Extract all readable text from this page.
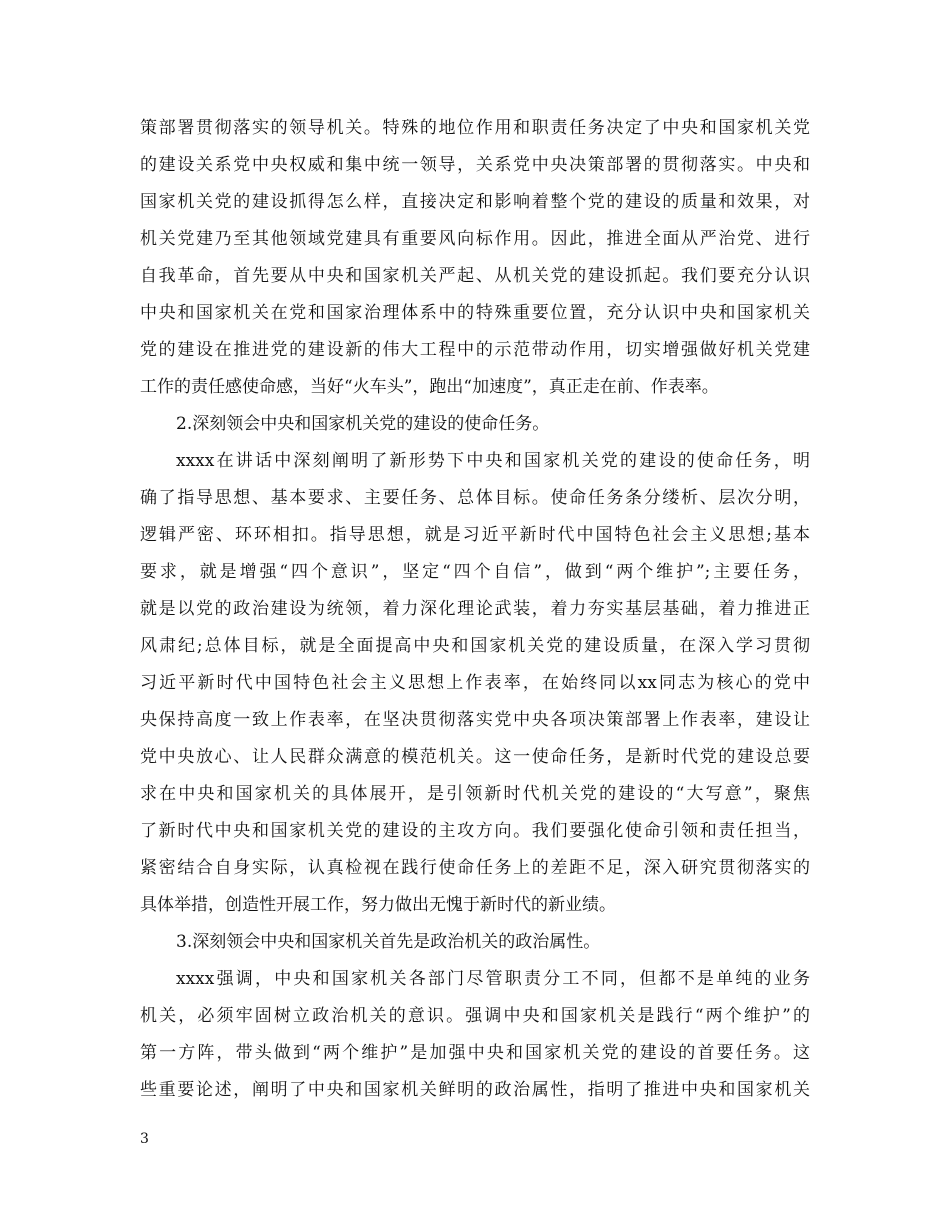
策部署贯彻落实的领导机关。特殊的地位作用和职责任务决定了中央和国家机关党
的建设关系党中央权威和集中统一领导，关系党中央决策部署的贯彻落实。中央和
国家机关党的建设抓得怎么样，直接决定和影响着整个党的建设的质量和效果，对
机关党建乃至其他领域党建具有重要风向标作用。因此，推进全面从严治党、进行
自我革命，首先要从中央和国家机关严起、从机关党的建设抓起。我们要充分认识
中央和国家机关在党和国家治理体系中的特殊重要位置，充分认识中央和国家机关
党的建设在推进党的建设新的伟大工程中的示范带动作用，切实增强做好机关党建
工作的责任感使命感，当好“火车头”，跑出“加速度”，真正走在前、作表率。
2.深刻领会中央和国家机关党的建设的使命任务。
xxxx在讲话中深刻阐明了新形势下中央和国家机关党的建设的使命任务，明
确了指导思想、基本要求、主要任务、总体目标。使命任务条分缕析、层次分明，
逻辑严密、环环相扣。指导思想，就是习近平新时代中国特色社会主义思想;基本
要求，就是增强“四个意识”，坚定“四个自信”，做到“两个维护”;主要任务，
就是以党的政治建设为统领，着力深化理论武装，着力夯实基层基础，着力推进正
风肃纪;总体目标，就是全面提高中央和国家机关党的建设质量，在深入学习贯彻
习近平新时代中国特色社会主义思想上作表率，在始终同以xx同志为核心的党中
央保持高度一致上作表率，在坚决贯彻落实党中央各项决策部署上作表率，建设让
党中央放心、让人民群众满意的模范机关。这一使命任务，是新时代党的建设总要
求在中央和国家机关的具体展开，是引领新时代机关党的建设的“大写意”，聚焦
了新时代中央和国家机关党的建设的主攻方向。我们要强化使命引领和责任担当，
紧密结合自身实际，认真检视在践行使命任务上的差距不足，深入研究贯彻落实的
具体举措，创造性开展工作，努力做出无愧于新时代的新业绩。
3.深刻领会中央和国家机关首先是政治机关的政治属性。
xxxx强调，中央和国家机关各部门尽管职责分工不同，但都不是单纯的业务
机关，必须牢固树立政治机关的意识。强调中央和国家机关是践行“两个维护”的
第一方阵，带头做到“两个维护”是加强中央和国家机关党的建设的首要任务。这
些重要论述，阐明了中央和国家机关鲜明的政治属性，指明了推进中央和国家机关
3
